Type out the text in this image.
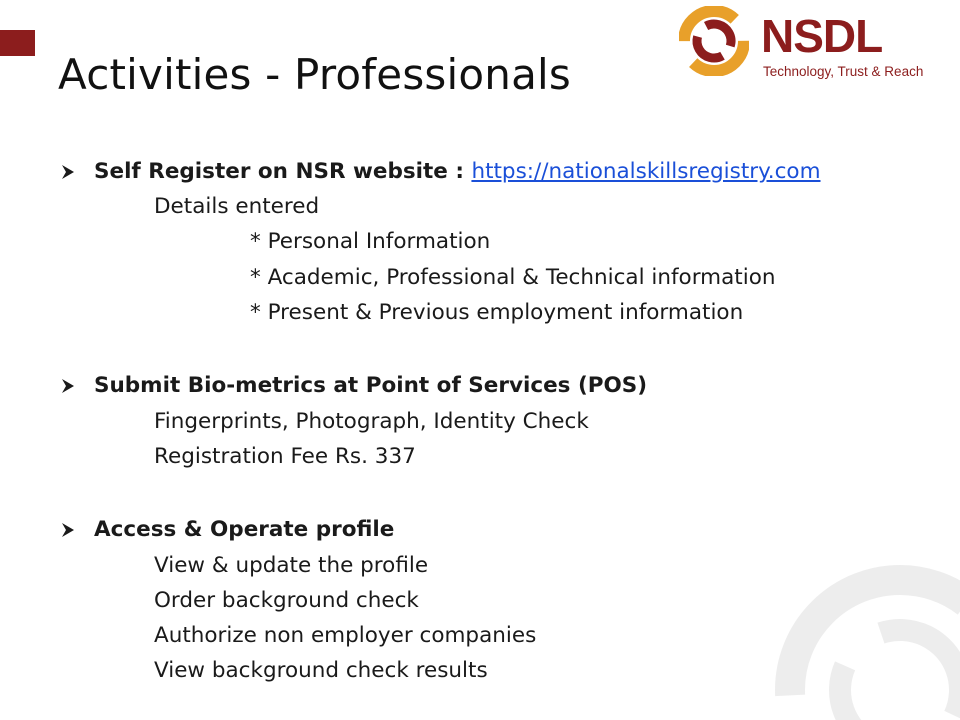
Activities - Professionals
NSDL
Technology, Trust & Reach
Self Register on NSR website : https://nationalskillsregistry.com
Details entered
* Personal Information
* Academic, Professional & Technical information
* Present & Previous employment information
Submit Bio-metrics at Point of Services (POS)
Fingerprints, Photograph, Identity Check
Registration Fee Rs. 337
Access & Operate profile
View & update the profile
Order background check
Authorize non employer companies
View background check results
